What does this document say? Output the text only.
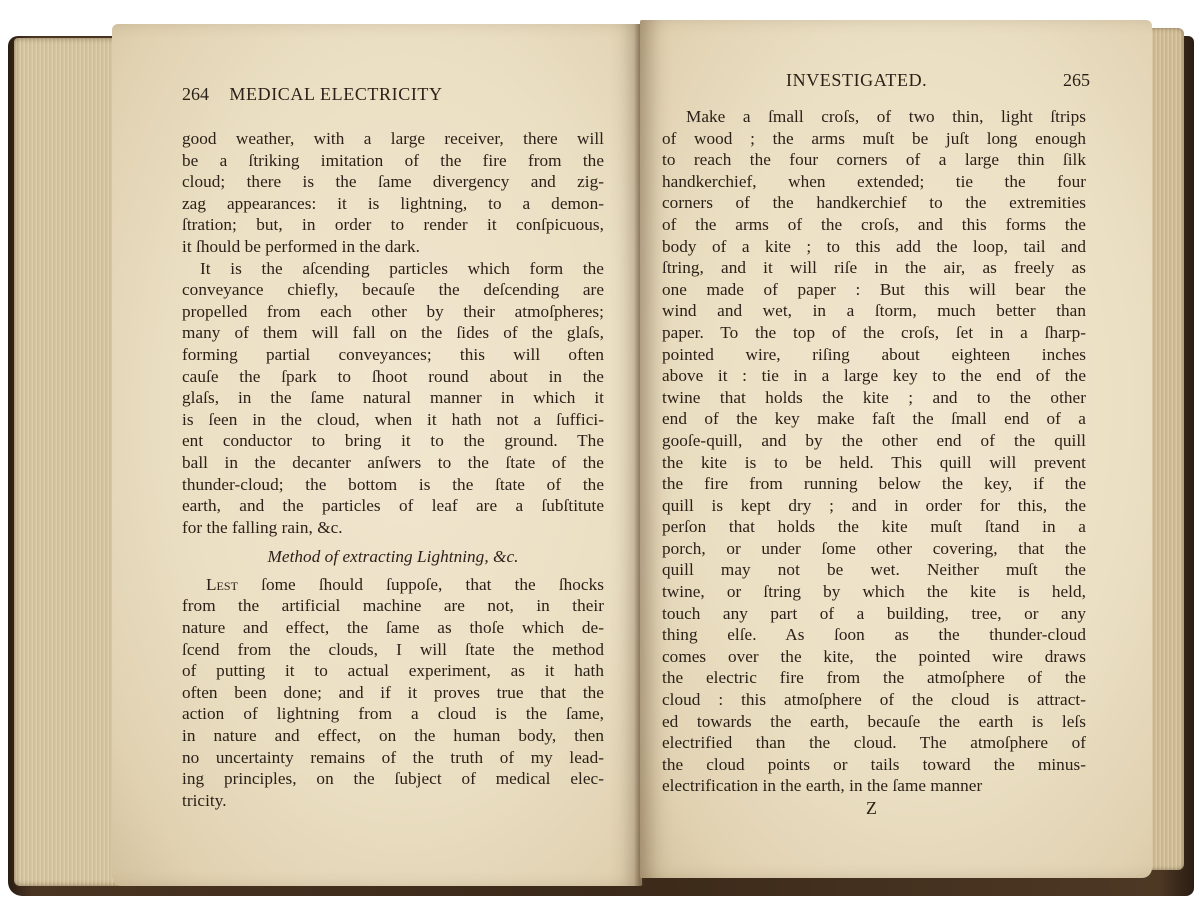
264 MEDICAL ELECTRICITY
good weather, with a large receiver, there will
be a ſtriking imitation of the fire from the
cloud; there is the ſame divergency and zig-
zag appearances: it is lightning, to a demon-
ſtration; but, in order to render it conſpicuous,
it ſhould be performed in the dark.
It is the aſcending particles which form the
conveyance chiefly, becauſe the deſcending are
propelled from each other by their atmoſpheres;
many of them will fall on the ſides of the glaſs,
forming partial conveyances; this will often
cauſe the ſpark to ſhoot round about in the
glaſs, in the ſame natural manner in which it
is ſeen in the cloud, when it hath not a ſuffici-
ent conductor to bring it to the ground. The
ball in the decanter anſwers to the ſtate of the
thunder-cloud; the bottom is the ſtate of the
earth, and the particles of leaf are a ſubſtitute
for the falling rain, &c.
Method of extracting Lightning, &c.
Lest ſome ſhould ſuppoſe, that the ſhocks
from the artificial machine are not, in their
nature and effect, the ſame as thoſe which de-
ſcend from the clouds, I will ſtate the method
of putting it to actual experiment, as it hath
often been done; and if it proves true that the
action of lightning from a cloud is the ſame,
in nature and effect, on the human body, then
no uncertainty remains of the truth of my lead-
ing principles, on the ſubject of medical elec-
tricity.
INVESTIGATED.	265
Make a ſmall croſs, of two thin, light ſtrips
of wood ; the arms muſt be juſt long enough
to reach the four corners of a large thin ſilk
handkerchief, when extended; tie the four
corners of the handkerchief to the extremities
of the arms of the croſs, and this forms the
body of a kite ; to this add the loop, tail and
ſtring, and it will riſe in the air, as freely as
one made of paper : But this will bear the
wind and wet, in a ſtorm, much better than
paper. To the top of the croſs, ſet in a ſharp-
pointed wire, riſing about eighteen inches
above it : tie in a large key to the end of the
twine that holds the kite ; and to the other
end of the key make faſt the ſmall end of a
gooſe-quill, and by the other end of the quill
the kite is to be held. This quill will prevent
the fire from running below the key, if the
quill is kept dry ; and in order for this, the
perſon that holds the kite muſt ſtand in a
porch, or under ſome other covering, that the
quill may not be wet. Neither muſt the
twine, or ſtring by which the kite is held,
touch any part of a building, tree, or any
thing elſe. As ſoon as the thunder-cloud
comes over the kite, the pointed wire draws
the electric fire from the atmoſphere of the
cloud : this atmoſphere of the cloud is attract-
ed towards the earth, becauſe the earth is leſs
electrified than the cloud. The atmoſphere of
the cloud points or tails toward the minus-
electrification in the earth, in the ſame manner
Z
